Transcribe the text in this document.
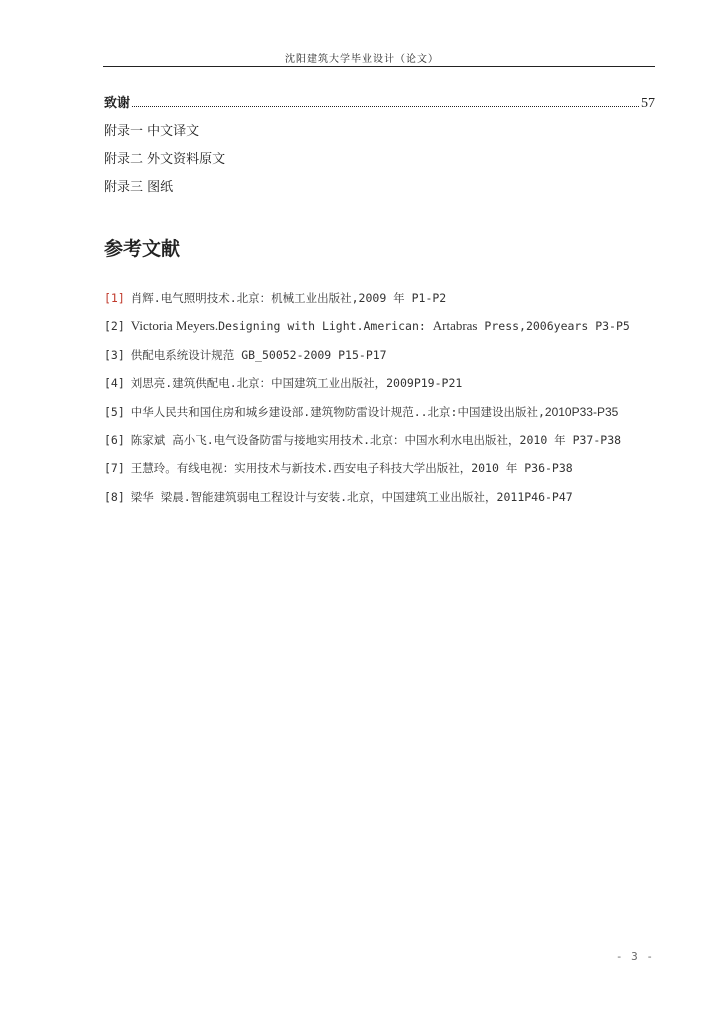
沈阳建筑大学毕业设计（论文）
致谢	57
附录一 中文译文
附录二 外文资料原文
附录三 图纸
参考文献
[1] 肖辉.电气照明技术.北京：机械工业出版社,2009 年 P1-P2
[2] Victoria Meyers.Designing with Light.American: Artabras Press,2006years P3-P5
[3] 供配电系统设计规范 GB_50052-2009 P15-P17
[4] 刘思亮.建筑供配电.北京：中国建筑工业出版社，2009P19-P21
[5] 中华人民共和国住房和城乡建设部.建筑物防雷设计规范..北京:中国建设出版社,2010P33-P35
[6] 陈家斌 高小飞.电气设备防雷与接地实用技术.北京：中国水利水电出版社，2010 年 P37-P38
[7] 王慧玲。有线电视：实用技术与新技术.西安电子科技大学出版社，2010 年 P36-P38
[8] 梁华 梁晨.智能建筑弱电工程设计与安装.北京，中国建筑工业出版社，2011P46-P47
- 3 -
